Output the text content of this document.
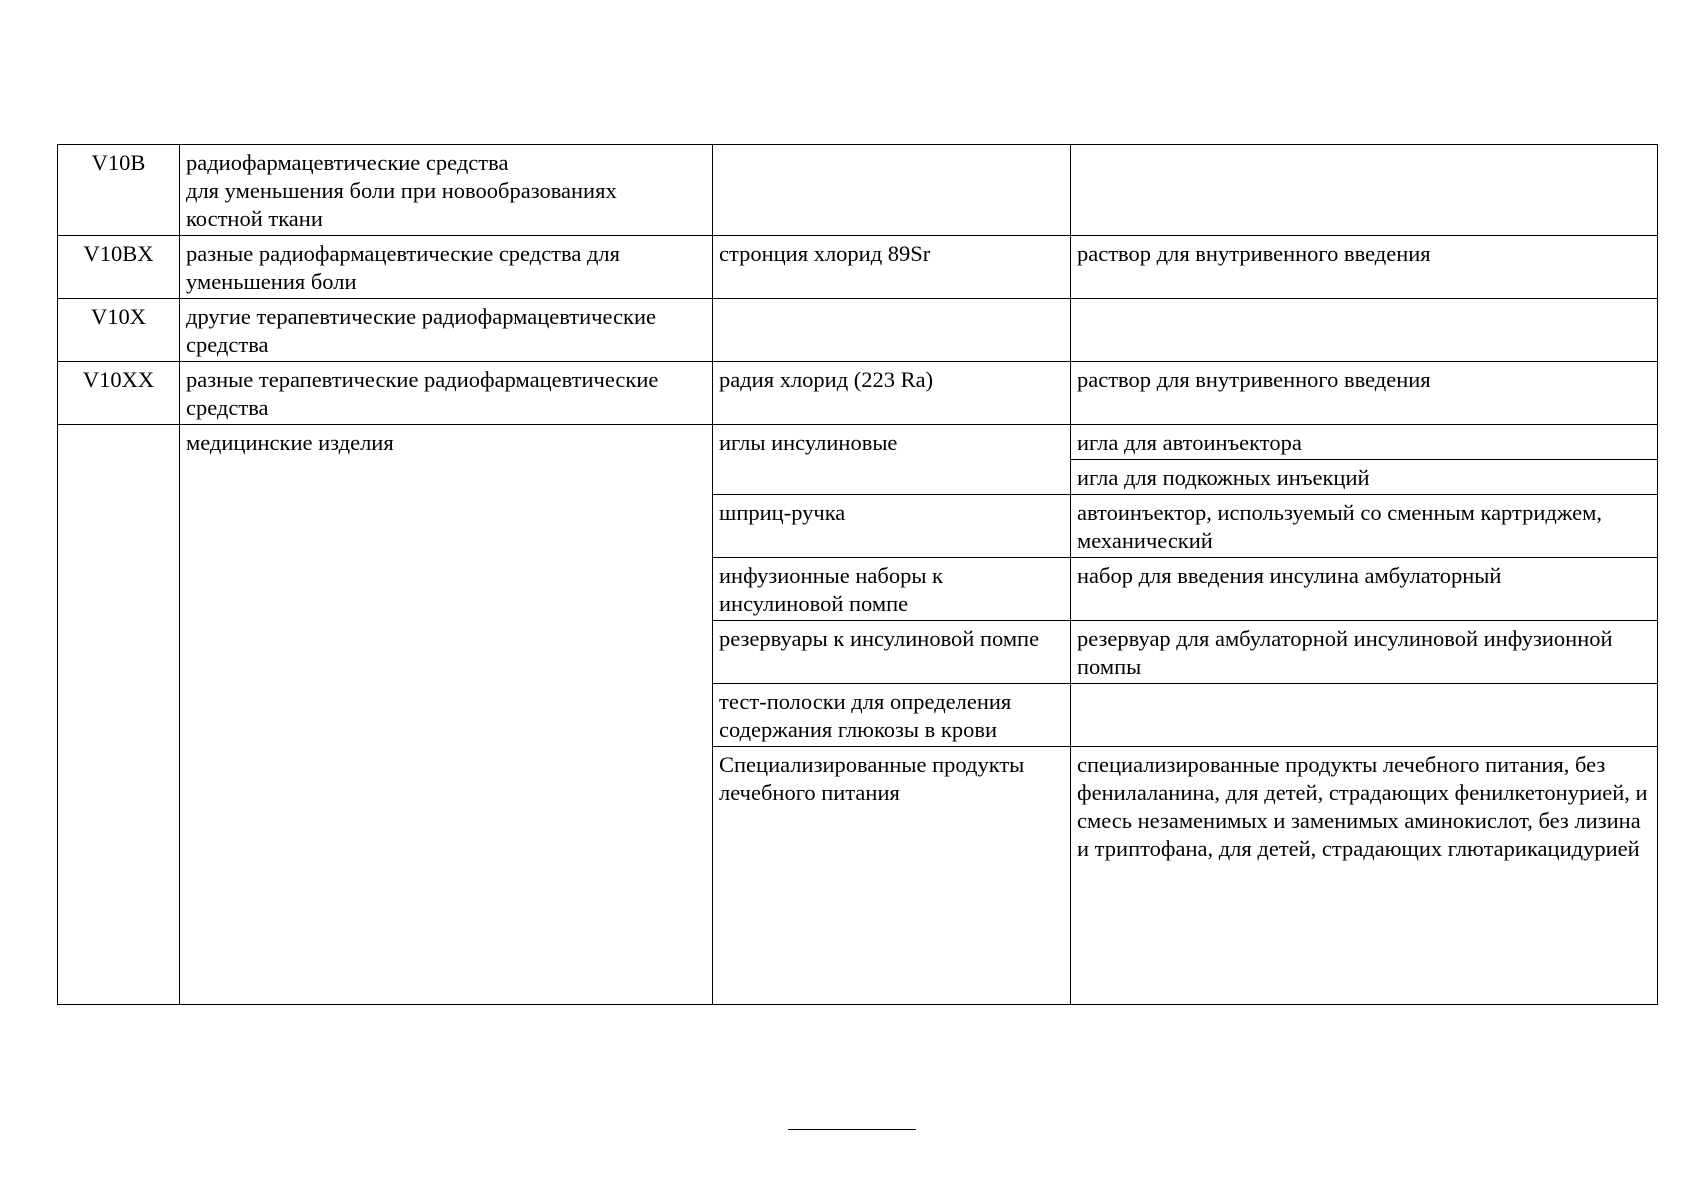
V10B	радиофармацевтические средства
для уменьшения боли при новообразованиях
костной ткани			
V10BX	разные радиофармацевтические средства для уменьшения боли	стронция хлорид 89Sr	раствор для внутривенного введения	
V10X	другие терапевтические радиофармацевтические средства			
V10XX	разные терапевтические радиофармацевтические средства	радия хлорид (223 Ra)	раствор для внутривенного введения	
	медицинские изделия	иглы инсулиновые	игла для автоинъектора	
			игла для подкожных инъекций	
		шприц-ручка	автоинъектор, используемый со сменным картриджем, механический	
		инфузионные наборы к инсулиновой помпе	набор для введения инсулина амбулаторный	
		резервуары к инсулиновой помпе	резервуар для амбулаторной инсулиновой инфузионной помпы	
		тест-полоски для определения содержания глюкозы в крови		
		Специализированные продукты лечебного питания	специализированные продукты лечебного питания, без фенилаланина, для детей, страдающих фенилкетонурией, и смесь незаменимых и заменимых аминокислот, без лизина и триптофана, для детей, страдающих глютарикацидурией	
